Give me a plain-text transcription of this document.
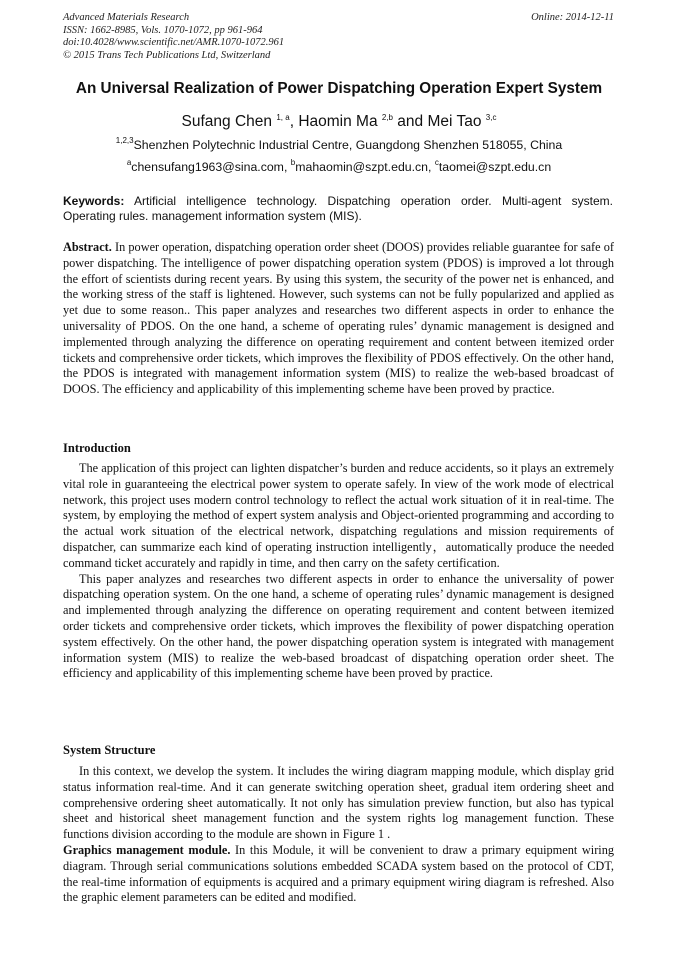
Advanced Materials Research
ISSN: 1662-8985, Vols. 1070-1072, pp 961-964
doi:10.4028/www.scientific.net/AMR.1070-1072.961
© 2015 Trans Tech Publications Ltd, Switzerland
Online: 2014-12-11
An Universal Realization of Power Dispatching Operation Expert System
Sufang Chen $^{1, a}$, Haomin Ma $^{2,b}$ and Mei Tao $^{3,c}$
$^{1,2,3}$Shenzhen Polytechnic Industrial Centre, Guangdong Shenzhen 518055, China
$^a$chensufang1963@sina.com, $^b$mahaomin@szpt.edu.cn, $^c$taomei@szpt.edu.cn
Keywords: Artificial intelligence technology. Dispatching operation order. Multi-agent system. Operating rules. management information system (MIS).

Abstract. In power operation, dispatching operation order sheet (DOOS) provides reliable guarantee for safe of power dispatching. The intelligence of power dispatching operation system (PDOS) is improved a lot through the effort of scientists during recent years. By using this system, the security of the power net is enhanced, and the working stress of the staff is lightened. However, such systems can not be fully popularized and applied as yet due to some reason.. This paper analyzes and researches two different aspects in order to enhance the universality of PDOS. On the one hand, a scheme of operating rules’ dynamic management is designed and implemented through analyzing the difference on operating requirement and content between itemized order tickets and comprehensive order tickets, which improves the flexibility of PDOS effectively. On the other hand, the PDOS is integrated with management information system (MIS) to realize the web-based broadcast of DOOS. The efficiency and applicability of this implementing scheme have been proved by practice.

Introduction

The application of this project can lighten dispatcher’s burden and reduce accidents, so it plays an extremely vital role in guaranteeing the electrical power system to operate safely. In view of the work mode of electrical network, this project uses modern control technology to reflect the actual work situation of it in real-time. The system, by employing the method of expert system analysis and Object-oriented programming and according to the actual work situation of the electrical network, dispatching regulations and mission requirements of dispatcher, can summarize each kind of operating instruction intelligently，automatically produce the needed command ticket accurately and rapidly in time, and then carry on the safety certification.

This paper analyzes and researches two different aspects in order to enhance the universality of power dispatching operation system. On the one hand, a scheme of operating rules’ dynamic management is designed and implemented through analyzing the difference on operating requirement and content between itemized order tickets and comprehensive order tickets, which improves the flexibility of power dispatching operation system effectively. On the other hand, the power dispatching operation system is integrated with management information system (MIS) to realize the web-based broadcast of dispatching operation order sheet. The efficiency and applicability of this implementing scheme have been proved by practice.

System Structure

In this context, we develop the system. It includes the wiring diagram mapping module, which display grid status information real-time. And it can generate switching operation sheet, gradual item ordering sheet and comprehensive ordering sheet automatically. It not only has simulation preview function, but also has typical sheet and historical sheet management function and the system rights log management function. These functions division according to the module are shown in Figure 1 .

Graphics management module. In this Module, it will be convenient to draw a primary equipment wiring diagram. Through serial communications solutions embedded SCADA system based on the protocol of CDT, the real-time information of equipments is acquired and a primary equipment wiring diagram is refreshed. Also the graphic element parameters can be edited and modified.
